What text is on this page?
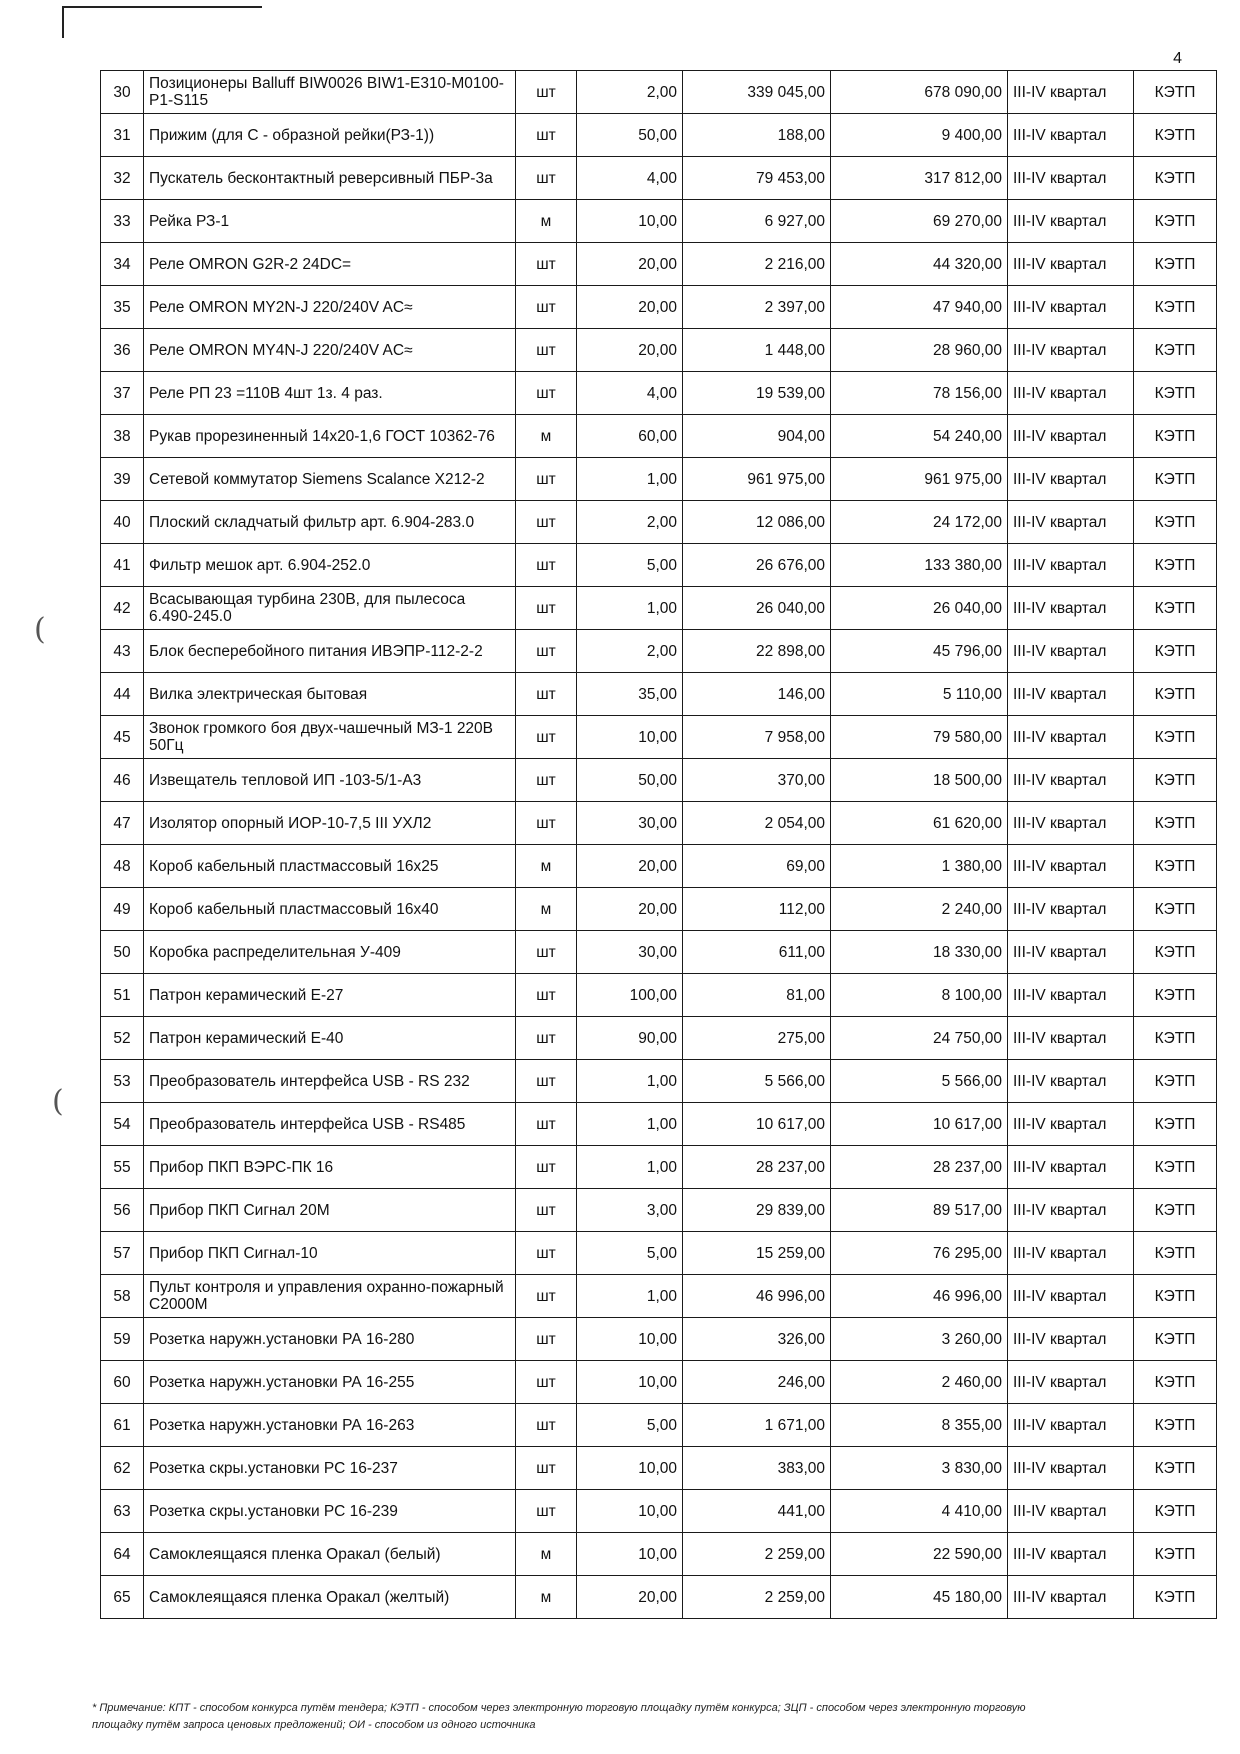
4
(
(
30	Позиционеры Balluff BIW0026 BIW1-E310-M0100-P1-S115	шт	2,00	339 045,00	678 090,00	III-IV квартал	КЭТП
31	Прижим (для С - образной рейки(РЗ-1))	шт	50,00	188,00	9 400,00	III-IV квартал	КЭТП
32	Пускатель бесконтактный реверсивный ПБР-3а	шт	4,00	79 453,00	317 812,00	III-IV квартал	КЭТП
33	Рейка РЗ-1	м	10,00	6 927,00	69 270,00	III-IV квартал	КЭТП
34	Реле OMRON G2R-2 24DC=	шт	20,00	2 216,00	44 320,00	III-IV квартал	КЭТП
35	Реле OMRON MY2N-J 220/240V AC≈	шт	20,00	2 397,00	47 940,00	III-IV квартал	КЭТП
36	Реле OMRON MY4N-J 220/240V AC≈	шт	20,00	1 448,00	28 960,00	III-IV квартал	КЭТП
37	Реле РП 23 =110В 4шт 1з. 4 раз.	шт	4,00	19 539,00	78 156,00	III-IV квартал	КЭТП
38	Рукав прорезиненный 14х20-1,6 ГОСТ 10362-76	м	60,00	904,00	54 240,00	III-IV квартал	КЭТП
39	Сетевой коммутатор Siemens Scalance X212-2	шт	1,00	961 975,00	961 975,00	III-IV квартал	КЭТП
40	Плоский складчатый фильтр арт. 6.904-283.0	шт	2,00	12 086,00	24 172,00	III-IV квартал	КЭТП
41	Фильтр мешок арт. 6.904-252.0	шт	5,00	26 676,00	133 380,00	III-IV квартал	КЭТП
42	Всасывающая турбина 230В, для пылесоса 6.490-245.0	шт	1,00	26 040,00	26 040,00	III-IV квартал	КЭТП
43	Блок бесперебойного питания ИВЭПР-112-2-2	шт	2,00	22 898,00	45 796,00	III-IV квартал	КЭТП
44	Вилка электрическая бытовая	шт	35,00	146,00	5 110,00	III-IV квартал	КЭТП
45	Звонок громкого боя двух-чашечный МЗ-1 220В 50Гц	шт	10,00	7 958,00	79 580,00	III-IV квартал	КЭТП
46	Извещатель тепловой ИП -103-5/1-А3	шт	50,00	370,00	18 500,00	III-IV квартал	КЭТП
47	Изолятор опорный ИОР-10-7,5 III УХЛ2	шт	30,00	2 054,00	61 620,00	III-IV квартал	КЭТП
48	Короб кабельный пластмассовый 16х25	м	20,00	69,00	1 380,00	III-IV квартал	КЭТП
49	Короб кабельный пластмассовый 16х40	м	20,00	112,00	2 240,00	III-IV квартал	КЭТП
50	Коробка распределительная У-409	шт	30,00	611,00	18 330,00	III-IV квартал	КЭТП
51	Патрон керамический Е-27	шт	100,00	81,00	8 100,00	III-IV квартал	КЭТП
52	Патрон керамический Е-40	шт	90,00	275,00	24 750,00	III-IV квартал	КЭТП
53	Преобразователь интерфейса USB - RS 232	шт	1,00	5 566,00	5 566,00	III-IV квартал	КЭТП
54	Преобразователь интерфейса USB - RS485	шт	1,00	10 617,00	10 617,00	III-IV квартал	КЭТП
55	Прибор ПКП ВЭРС-ПК 16	шт	1,00	28 237,00	28 237,00	III-IV квартал	КЭТП
56	Прибор ПКП Сигнал 20М	шт	3,00	29 839,00	89 517,00	III-IV квартал	КЭТП
57	Прибор ПКП Сигнал-10	шт	5,00	15 259,00	76 295,00	III-IV квартал	КЭТП
58	Пульт контроля и управления охранно-пожарный С2000М	шт	1,00	46 996,00	46 996,00	III-IV квартал	КЭТП
59	Розетка наружн.установки РА 16-280	шт	10,00	326,00	3 260,00	III-IV квартал	КЭТП
60	Розетка наружн.установки РА 16-255	шт	10,00	246,00	2 460,00	III-IV квартал	КЭТП
61	Розетка наружн.установки РА 16-263	шт	5,00	1 671,00	8 355,00	III-IV квартал	КЭТП
62	Розетка скры.установки РС 16-237	шт	10,00	383,00	3 830,00	III-IV квартал	КЭТП
63	Розетка скры.установки РС 16-239	шт	10,00	441,00	4 410,00	III-IV квартал	КЭТП
64	Самоклеящаяся пленка Оракал (белый)	м	10,00	2 259,00	22 590,00	III-IV квартал	КЭТП
65	Самоклеящаяся пленка Оракал (желтый)	м	20,00	2 259,00	45 180,00	III-IV квартал	КЭТП
* Примечание: КПТ - способом конкурса путём тендера; КЭТП - способом через электронную торговую площадку путём конкурса; ЗЦП - способом через электронную торговую
площадку путём запроса ценовых предложений; ОИ - способом из одного источника
